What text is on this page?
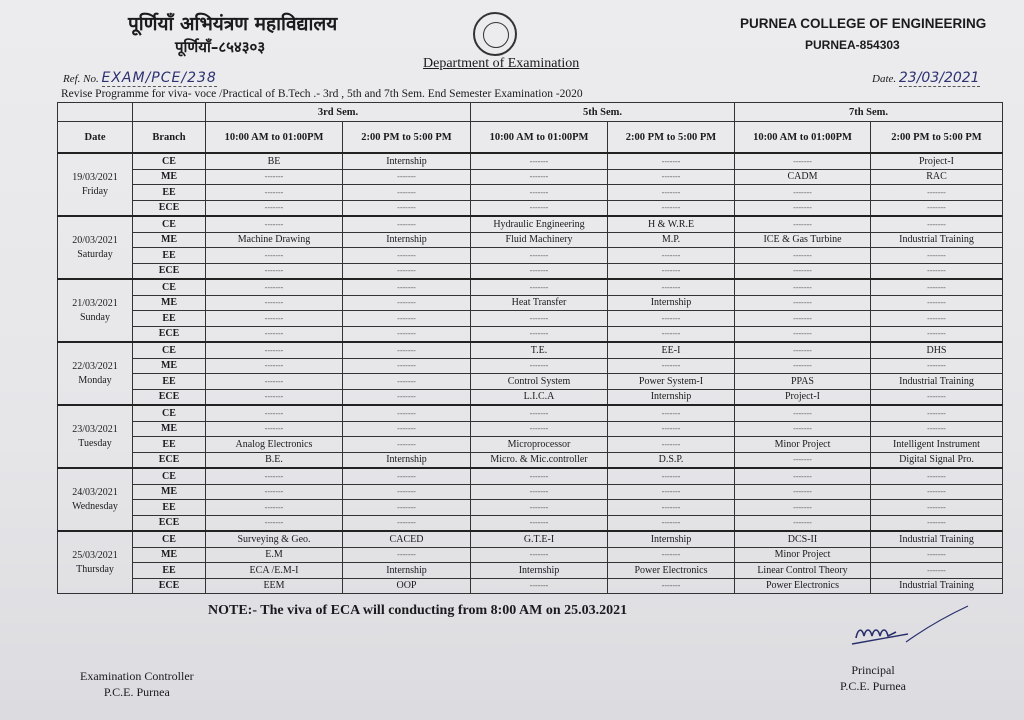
पूर्णियाँ अभियंत्रण महाविद्यालय
पूर्णियाँ–८५४३०३
Department of Examination
PURNEA COLLEGE OF ENGINEERING
PURNEA-854303
Ref. No. EXAM/PCE/238	Date. 23/03/2021
Revise Programme for viva- voce /Practical of B.Tech .- 3rd , 5th and 7th Sem. End Semester Examination -2020
		3rd Sem.		5th Sem.		7th Sem.	
Date	Branch	10:00 AM to 01:00PM	2:00 PM to 5:00 PM	10:00 AM to 01:00PM	2:00 PM to 5:00 PM	10:00 AM to 01:00PM	2:00 PM to 5:00 PM

19/03/2021
Friday	CE	BE	Internship	-------	-------	-------	Project-I
	ME	-------	-------	-------	-------	CADM	RAC
	EE	-------	-------	-------	-------	-------	-------
	ECE	-------	-------	-------	-------	-------	-------

20/03/2021
Saturday	CE	-------	-------	Hydraulic Engineering	H & W.R.E	-------	-------
	ME	Machine Drawing	Internship	Fluid Machinery	M.P.	ICE & Gas Turbine	Industrial Training
	EE	-------	-------	-------	-------	-------	-------
	ECE	-------	-------	-------	-------	-------	-------

21/03/2021
Sunday	CE	-------	-------	-------	-------	-------	-------
	ME	-------	-------	Heat Transfer	Internship	-------	-------
	EE	-------	-------	-------	-------	-------	-------
	ECE	-------	-------	-------	-------	-------	-------

22/03/2021
Monday	CE	-------	-------	T.E.	EE-I	-------	DHS
	ME	-------	-------	-------	-------	-------	-------
	EE	-------	-------	Control System	Power System-I	PPAS	Industrial Training
	ECE	-------	-------	L.I.C.A	Internship	Project-I	-------

23/03/2021
Tuesday	CE	-------	-------	-------	-------	-------	-------
	ME	-------	-------	-------	-------	-------	-------
	EE	Analog Electronics	-------	Microprocessor	-------	Minor Project	Intelligent Instrument
	ECE	B.E.	Internship	Micro. & Mic.controller	D.S.P.	-------	Digital Signal Pro.

24/03/2021
Wednesday	CE	-------	-------	-------	-------	-------	-------
	ME	-------	-------	-------	-------	-------	-------
	EE	-------	-------	-------	-------	-------	-------
	ECE	-------	-------	-------	-------	-------	-------

25/03/2021
Thursday	CE	Surveying & Geo.	CACED	G.T.E-I	Internship	DCS-II	Industrial Training
	ME	E.M	-------	-------	-------	Minor Project	-------
	EE	ECA /E.M-I	Internship	Internship	Power Electronics	Linear Control Theory	-------
	ECE	EEM	OOP	-------	-------	Power Electronics	Industrial Training
NOTE:- The viva of ECA will conducting from 8:00 AM on 25.03.2021
Examination Controller
P.C.E. Purnea
Principal
P.C.E. Purnea
